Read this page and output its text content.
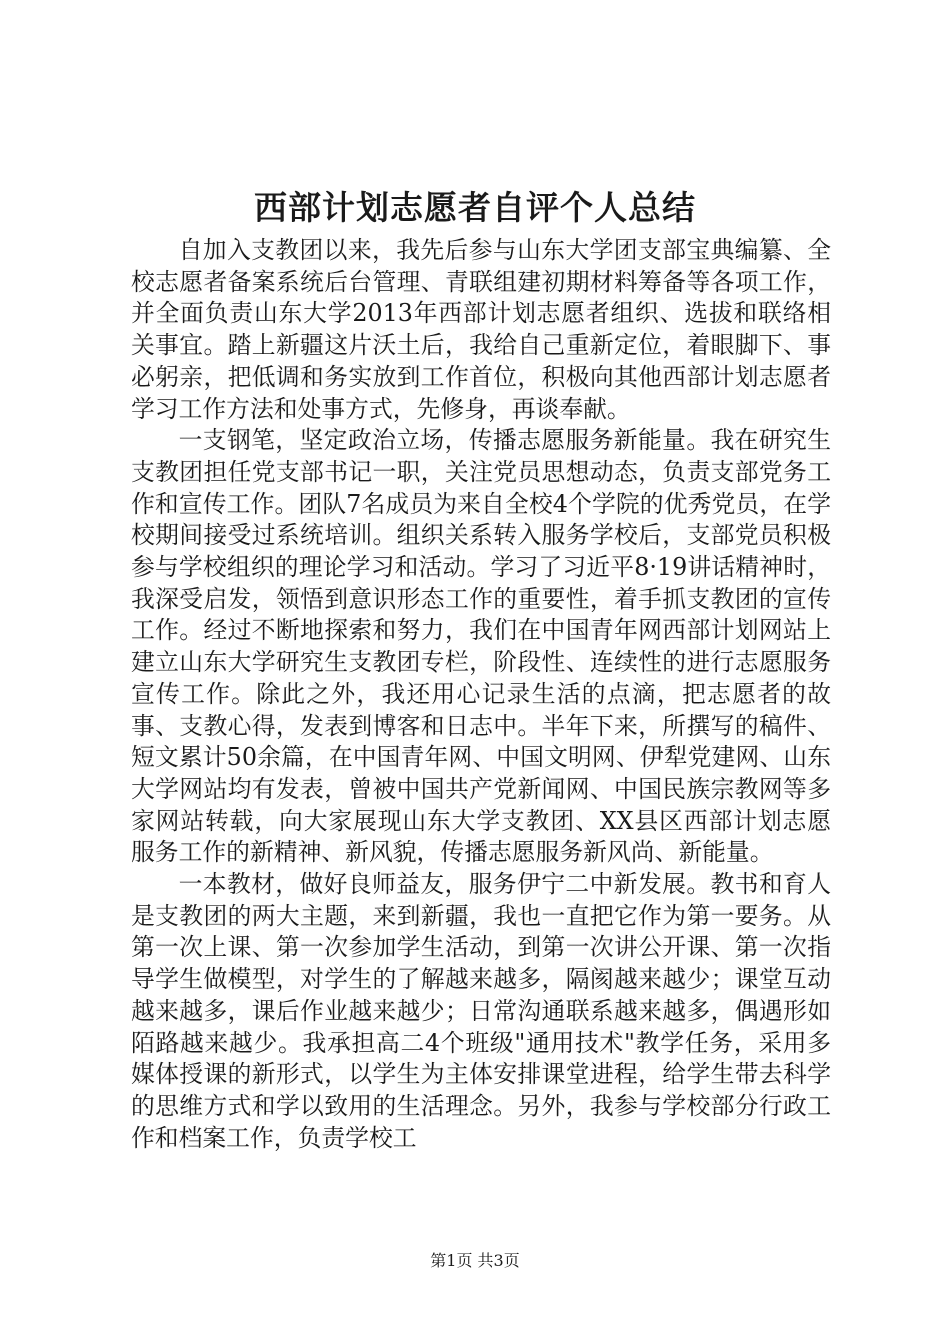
西部计划志愿者自评个人总结

自加入支教团以来，我先后参与山东大学团支部宝典编纂、全校志愿者备案系统后台管理、青联组建初期材料筹备等各项工作，并全面负责山东大学2013年西部计划志愿者组织、选拔和联络相关事宜。踏上新疆这片沃土后，我给自己重新定位，着眼脚下、事必躬亲，把低调和务实放到工作首位，积极向其他西部计划志愿者学习工作方法和处事方式，先修身，再谈奉献。

一支钢笔，坚定政治立场，传播志愿服务新能量。我在研究生支教团担任党支部书记一职，关注党员思想动态，负责支部党务工作和宣传工作。团队7名成员为来自全校4个学院的优秀党员，在学校期间接受过系统培训。组织关系转入服务学校后，支部党员积极参与学校组织的理论学习和活动。学习了习近平8·19讲话精神时，我深受启发，领悟到意识形态工作的重要性，着手抓支教团的宣传工作。经过不断地探索和努力，我们在中国青年网西部计划网站上建立山东大学研究生支教团专栏，阶段性、连续性的进行志愿服务宣传工作。除此之外，我还用心记录生活的点滴，把志愿者的故事、支教心得，发表到博客和日志中。半年下来，所撰写的稿件、短文累计50余篇，在中国青年网、中国文明网、伊犁党建网、山东大学网站均有发表，曾被中国共产党新闻网、中国民族宗教网等多家网站转载，向大家展现山东大学支教团、XX县区西部计划志愿服务工作的新精神、新风貌，传播志愿服务新风尚、新能量。

一本教材，做好良师益友，服务伊宁二中新发展。教书和育人是支教团的两大主题，来到新疆，我也一直把它作为第一要务。从第一次上课、第一次参加学生活动，到第一次讲公开课、第一次指导学生做模型，对学生的了解越来越多，隔阂越来越少；课堂互动越来越多，课后作业越来越少；日常沟通联系越来越多，偶遇形如陌路越来越少。我承担高二4个班级"通用技术"教学任务，采用多媒体授课的新形式，以学生为主体安排课堂进程，给学生带去科学的思维方式和学以致用的生活理念。另外，我参与学校部分行政工作和档案工作，负责学校工

第1页 共3页
